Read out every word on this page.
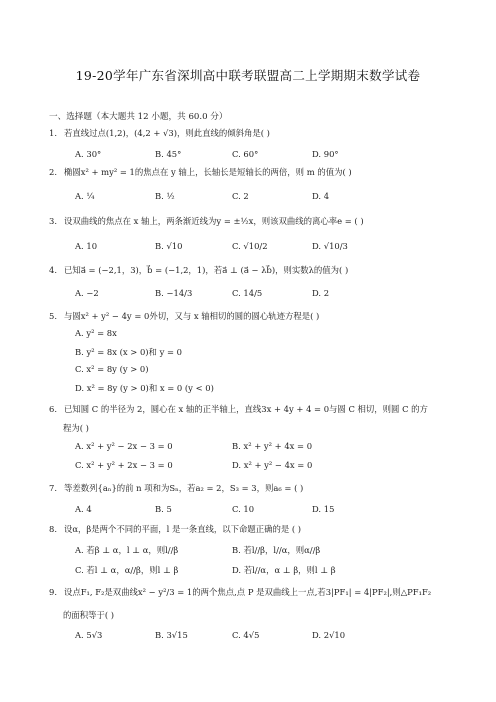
19-20学年广东省深圳高中联考联盟高二上学期期末数学试卷
一、选择题（本大题共 12 小题，共 60.0 分）
1. 若直线过点(1,2)，(4,2 + √3)，则此直线的倾斜角是( )
A. 30°	B. 45°	C. 60°	D. 90°
2. 椭圆x² + my² = 1的焦点在 y 轴上，长轴长是短轴长的两倍，则 m 的值为( )
A. ¼	B. ½	C. 2	D. 4
3. 设双曲线的焦点在 x 轴上，两条渐近线为y = ±½x，则该双曲线的离心率e = ( )
A. 10	B. √10	C. √10/2	D. √10/3
4. 已知a⃗ = (−2,1，3)，b⃗ = (−1,2，1)，若a⃗ ⊥ (a⃗ − λb⃗)，则实数λ的值为( )
A. −2	B. −14/3	C. 14/5	D. 2
5. 与圆x² + y² − 4y = 0外切，又与 x 轴相切的圆的圆心轨迹方程是( )
A. y² = 8x
B. y² = 8x (x > 0)和 y = 0
C. x² = 8y (y > 0)
D. x² = 8y (y > 0)和 x = 0 (y < 0)
6. 已知圆 C 的半径为 2，圆心在 x 轴的正半轴上，直线3x + 4y + 4 = 0与圆 C 相切，则圆 C 的方
程为( )
A. x² + y² − 2x − 3 = 0	B. x² + y² + 4x = 0
C. x² + y² + 2x − 3 = 0	D. x² + y² − 4x = 0
7. 等差数列{aₙ}的前 n 项和为Sₙ，若a₂ = 2，S₃ = 3，则a₆ = ( )
A. 4	B. 5	C. 10	D. 15
8. 设α，β是两个不同的平面，l 是一条直线，以下命题正确的是 ( )
A. 若β ⊥ α，l ⊥ α，则l//β	B. 若l//β，l//α，则α//β
C. 若l ⊥ α，α//β，则l ⊥ β	D. 若l//α，α ⊥ β，则l ⊥ β
9. 设点F₁, F₂是双曲线x² − y²/3 = 1的两个焦点,点 P 是双曲线上一点,若3|PF₁| = 4|PF₂|,则△PF₁F₂
的面积等于( )
A. 5√3	B. 3√15	C. 4√5	D. 2√10
